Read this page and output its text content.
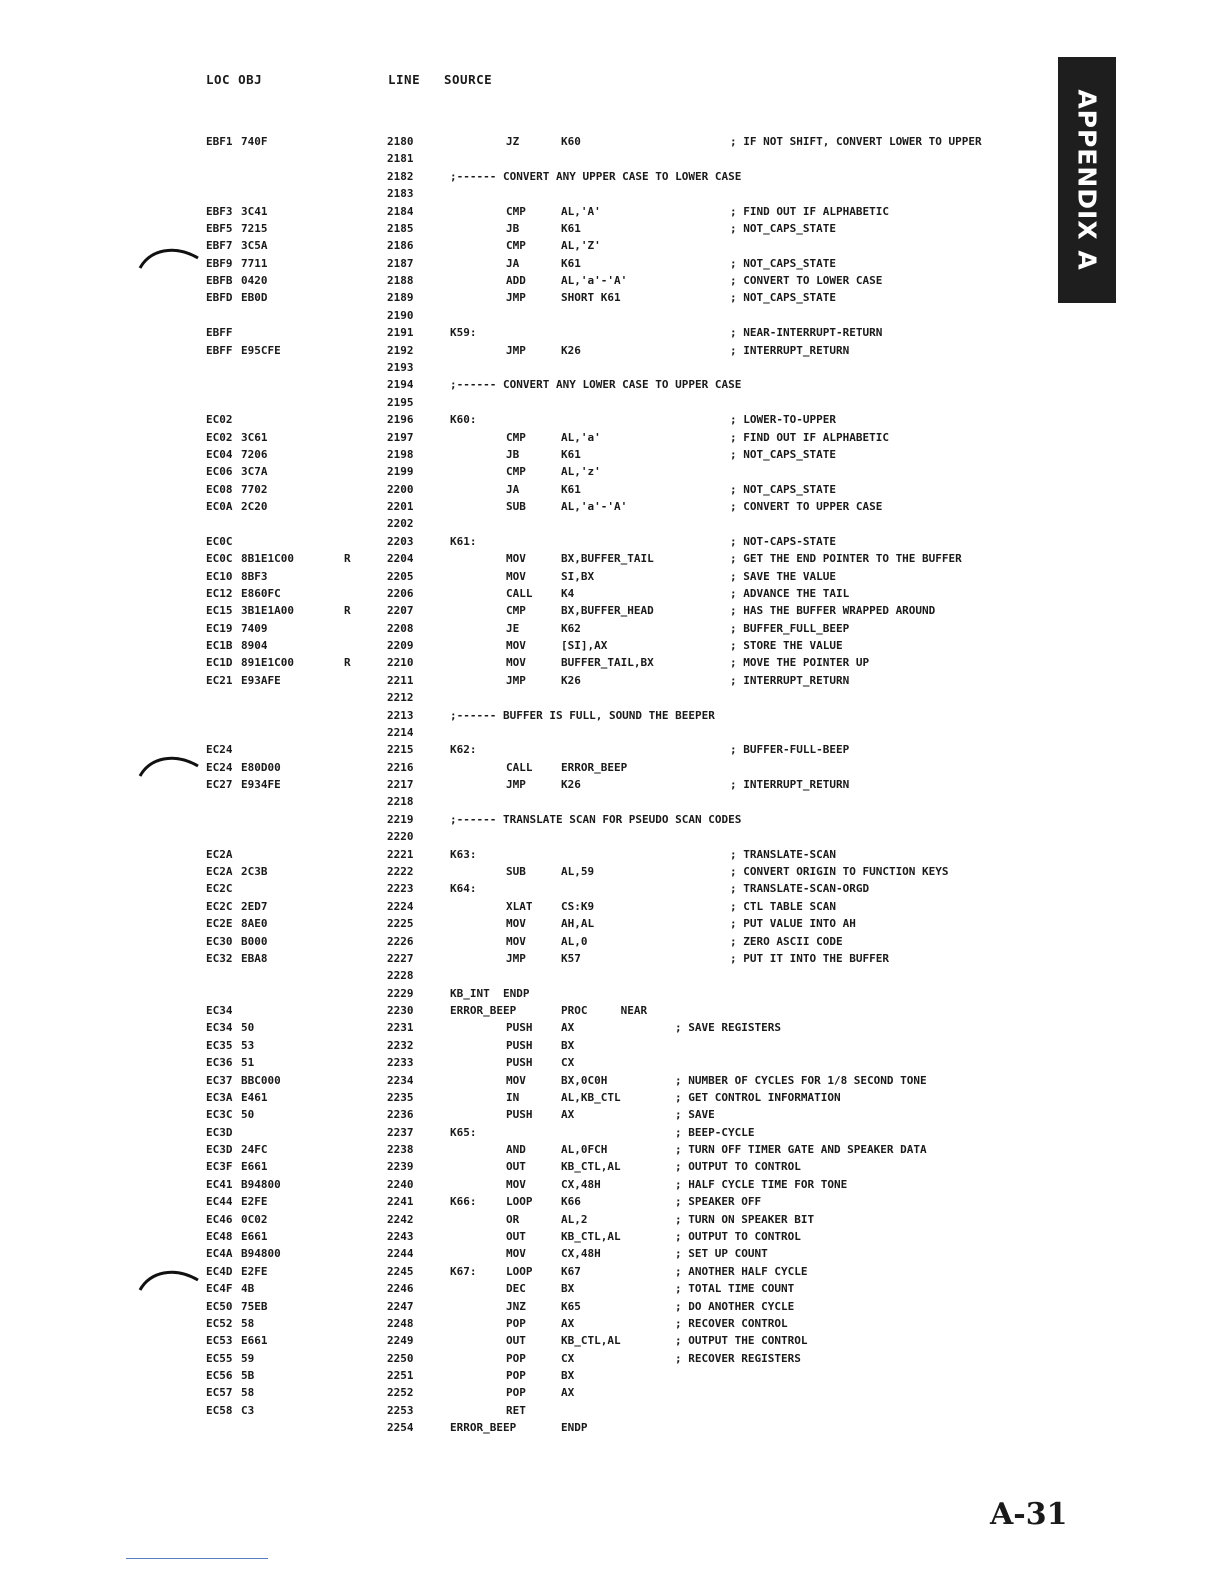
LOC OBJ	LINE SOURCE
EBF1 740F	2180	JZ	K60	; IF NOT SHIFT, CONVERT LOWER TO UPPER
2181
2182	;------ CONVERT ANY UPPER CASE TO LOWER CASE
2183
EBF3 3C41	2184	CMP	AL,'A'	; FIND OUT IF ALPHABETIC
EBF5 7215	2185	JB	K61	; NOT_CAPS_STATE
EBF7 3C5A	2186	CMP	AL,'Z'
EBF9 7711	2187	JA	K61	; NOT_CAPS_STATE
EBFB 0420	2188	ADD	AL,'a'-'A'	; CONVERT TO LOWER CASE
EBFD EB0D	2189	JMP	SHORT K61	; NOT_CAPS_STATE
2190
EBFF	2191	K59:	; NEAR-INTERRUPT-RETURN
EBFF E95CFE	2192	JMP	K26	; INTERRUPT_RETURN
2193
2194	;------ CONVERT ANY LOWER CASE TO UPPER CASE
2195
EC02	2196	K60:	; LOWER-TO-UPPER
EC02 3C61	2197	CMP	AL,'a'	; FIND OUT IF ALPHABETIC
EC04 7206	2198	JB	K61	; NOT_CAPS_STATE
EC06 3C7A	2199	CMP	AL,'z'
EC08 7702	2200	JA	K61	; NOT_CAPS_STATE
EC0A 2C20	2201	SUB	AL,'a'-'A'	; CONVERT TO UPPER CASE
2202
EC0C	2203	K61:	; NOT-CAPS-STATE
EC0C 8B1E1C00	R	2204	MOV	BX,BUFFER_TAIL	; GET THE END POINTER TO THE BUFFER
EC10 8BF3	2205	MOV	SI,BX	; SAVE THE VALUE
EC12 E860FC	2206	CALL	K4	; ADVANCE THE TAIL
EC15 3B1E1A00	R	2207	CMP	BX,BUFFER_HEAD	; HAS THE BUFFER WRAPPED AROUND
EC19 7409	2208	JE	K62	; BUFFER_FULL_BEEP
EC1B 8904	2209	MOV	[SI],AX	; STORE THE VALUE
EC1D 891E1C00	R	2210	MOV	BUFFER_TAIL,BX	; MOVE THE POINTER UP
EC21 E93AFE	2211	JMP	K26	; INTERRUPT_RETURN
2212
2213	;------ BUFFER IS FULL, SOUND THE BEEPER
2214
EC24	2215	K62:	; BUFFER-FULL-BEEP
EC24 E80D00	2216	CALL	ERROR_BEEP
EC27 E934FE	2217	JMP	K26	; INTERRUPT_RETURN
2218
2219	;------ TRANSLATE SCAN FOR PSEUDO SCAN CODES
2220
EC2A	2221	K63:	; TRANSLATE-SCAN
EC2A 2C3B	2222	SUB	AL,59	; CONVERT ORIGIN TO FUNCTION KEYS
EC2C	2223	K64:	; TRANSLATE-SCAN-ORGD
EC2C 2ED7	2224	XLAT	CS:K9	; CTL TABLE SCAN
EC2E 8AE0	2225	MOV	AH,AL	; PUT VALUE INTO AH
EC30 B000	2226	MOV	AL,0	; ZERO ASCII CODE
EC32 EBA8	2227	JMP	K57	; PUT IT INTO THE BUFFER
2228
2229	KB_INT  ENDP
EC34	2230	ERROR_BEEP	PROC     NEAR
EC34 50	2231	PUSH	AX	; SAVE REGISTERS
EC35 53	2232	PUSH	BX
EC36 51	2233	PUSH	CX
EC37 BBC000	2234	MOV	BX,0C0H	; NUMBER OF CYCLES FOR 1/8 SECOND TONE
EC3A E461	2235	IN	AL,KB_CTL	; GET CONTROL INFORMATION
EC3C 50	2236	PUSH	AX	; SAVE
EC3D	2237	K65:	; BEEP-CYCLE
EC3D 24FC	2238	AND	AL,0FCH	; TURN OFF TIMER GATE AND SPEAKER DATA
EC3F E661	2239	OUT	KB_CTL,AL	; OUTPUT TO CONTROL
EC41 B94800	2240	MOV	CX,48H	; HALF CYCLE TIME FOR TONE
EC44 E2FE	2241	K66:	LOOP	K66	; SPEAKER OFF
EC46 0C02	2242	OR	AL,2	; TURN ON SPEAKER BIT
EC48 E661	2243	OUT	KB_CTL,AL	; OUTPUT TO CONTROL
EC4A B94800	2244	MOV	CX,48H	; SET UP COUNT
EC4D E2FE	2245	K67:	LOOP	K67	; ANOTHER HALF CYCLE
EC4F 4B	2246	DEC	BX	; TOTAL TIME COUNT
EC50 75EB	2247	JNZ	K65	; DO ANOTHER CYCLE
EC52 58	2248	POP	AX	; RECOVER CONTROL
EC53 E661	2249	OUT	KB_CTL,AL	; OUTPUT THE CONTROL
EC55 59	2250	POP	CX	; RECOVER REGISTERS
EC56 5B	2251	POP	BX
EC57 58	2252	POP	AX
EC58 C3	2253	RET
2254	ERROR_BEEP	ENDP
APPENDIX A
A-31
